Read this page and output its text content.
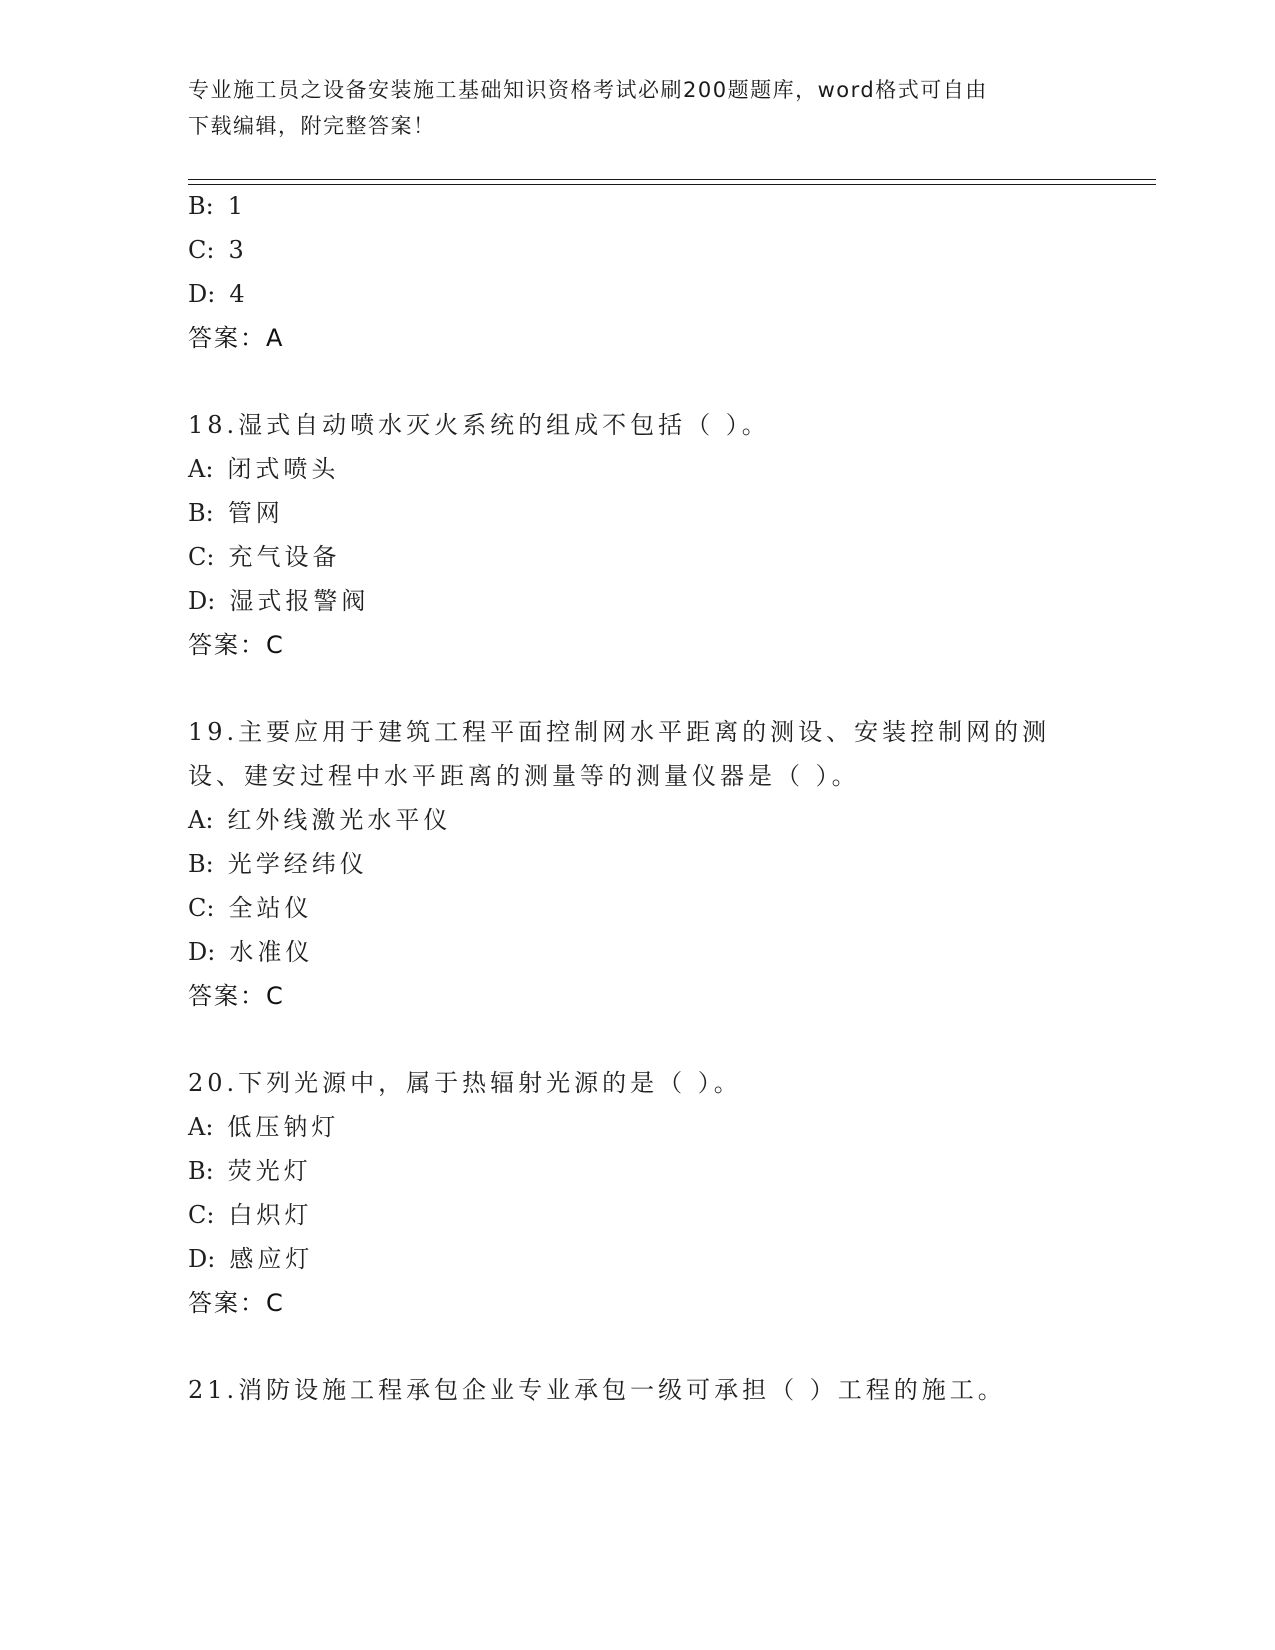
专业施工员之设备安装施工基础知识资格考试必刷200题题库，word格式可自由
下载编辑，附完整答案！
B: 1
C: 3
D: 4
答案：A
18.湿式自动喷水灭火系统的组成不包括（ ）。
A: 闭式喷头
B: 管网
C: 充气设备
D: 湿式报警阀
答案：C
19.主要应用于建筑工程平面控制网水平距离的测设、安装控制网的测
设、建安过程中水平距离的测量等的测量仪器是（ ）。
A: 红外线激光水平仪
B: 光学经纬仪
C: 全站仪
D: 水准仪
答案：C
20.下列光源中，属于热辐射光源的是（ ）。
A: 低压钠灯
B: 荧光灯
C: 白炽灯
D: 感应灯
答案：C
21.消防设施工程承包企业专业承包一级可承担（ ）工程的施工。
